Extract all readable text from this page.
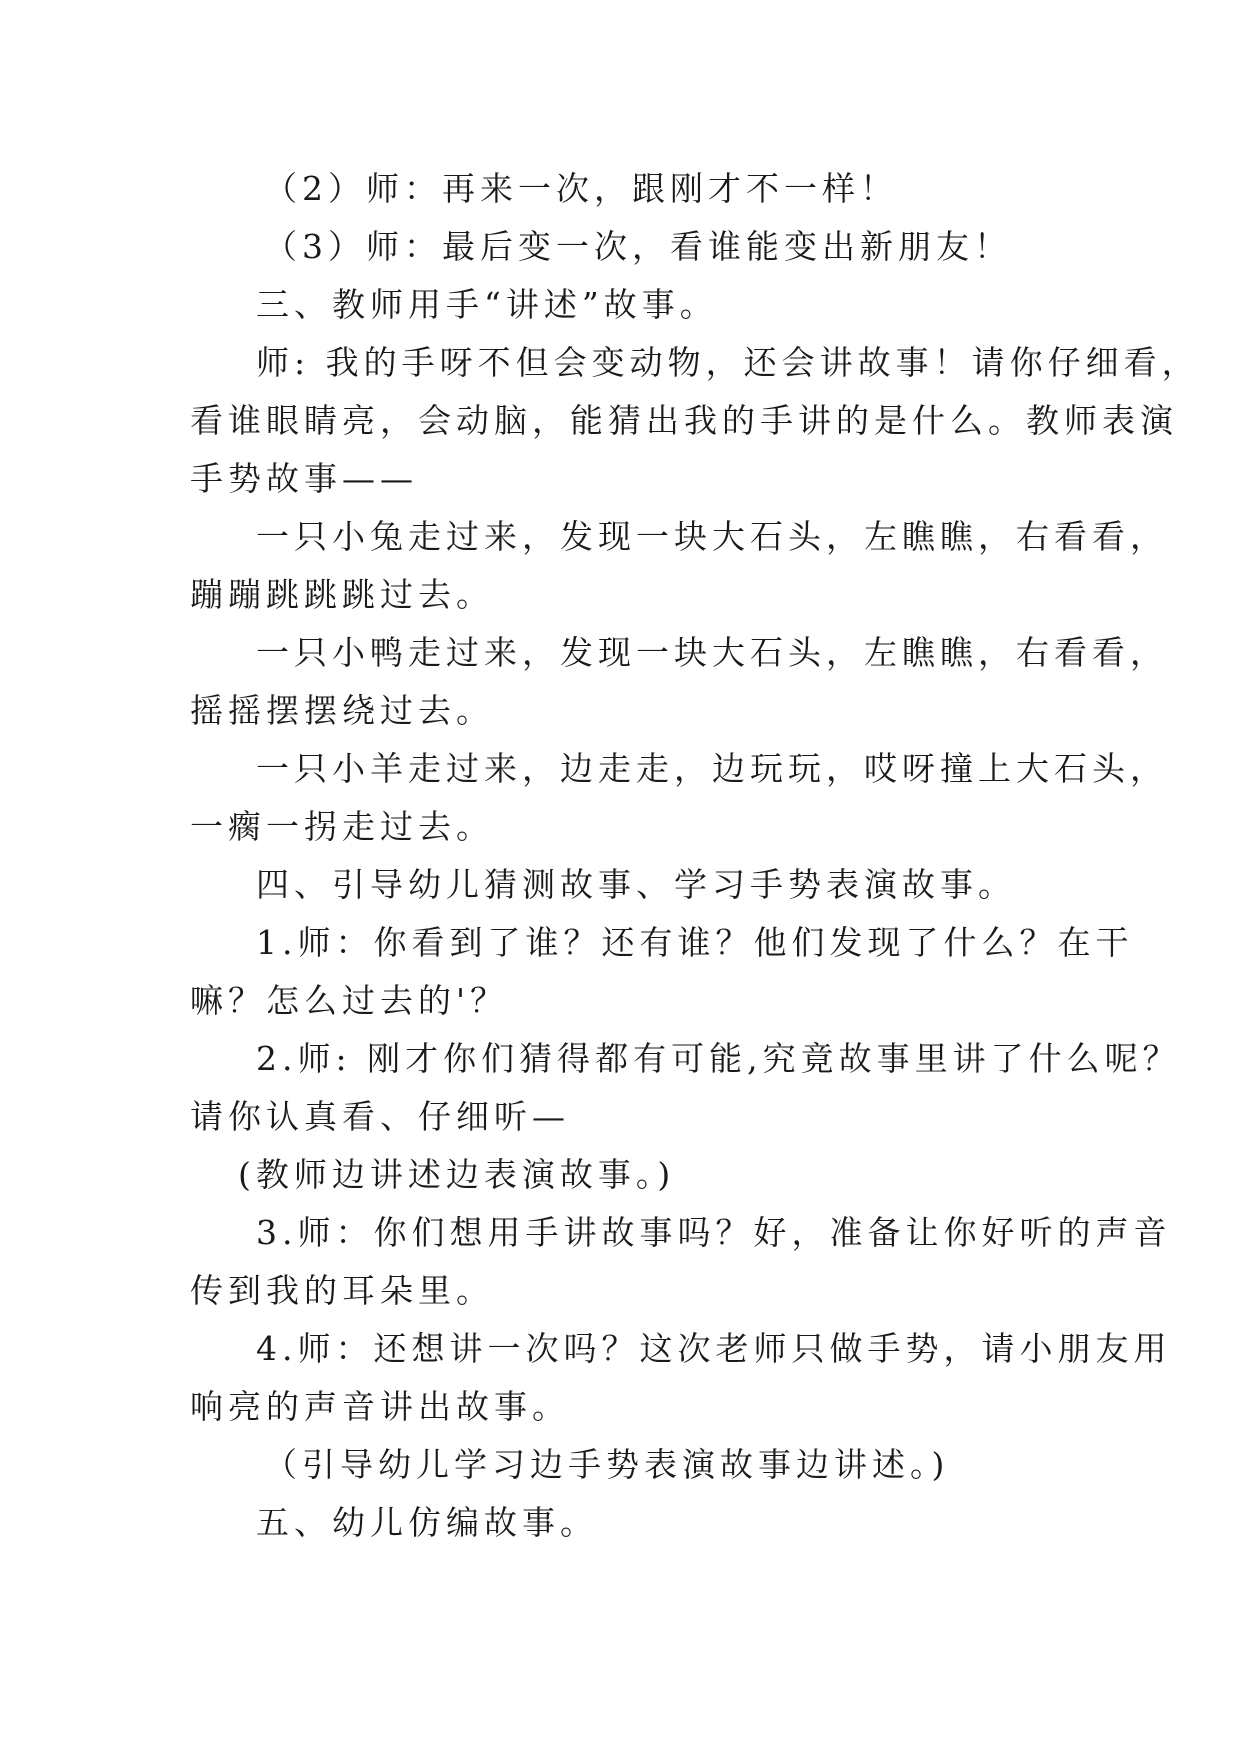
（2）师：再来一次，跟刚才不一样！
（3）师：最后变一次，看谁能变出新朋友！
三、教师用手“讲述”故事。
师: 我的手呀不但会变动物，还会讲故事！请你仔细看，
看谁眼睛亮，会动脑，能猜出我的手讲的是什么。教师表演
手势故事——
一只小兔走过来，发现一块大石头，左瞧瞧，右看看，
蹦蹦跳跳跳过去。
一只小鸭走过来，发现一块大石头，左瞧瞧，右看看，
摇摇摆摆绕过去。
一只小羊走过来，边走走，边玩玩，哎呀撞上大石头，
一瘸一拐走过去。
四、引导幼儿猜测故事、学习手势表演故事。
1.师：你看到了谁？还有谁？他们发现了什么？在干
嘛？怎么过去的'？
2.师: 刚才你们猜得都有可能,究竟故事里讲了什么呢？
请你认真看、仔细听—
(教师边讲述边表演故事。)
3.师：你们想用手讲故事吗？好，准备让你好听的声音
传到我的耳朵里。
4.师：还想讲一次吗？这次老师只做手势，请小朋友用
响亮的声音讲出故事。
（引导幼儿学习边手势表演故事边讲述。)
五、幼儿仿编故事。
